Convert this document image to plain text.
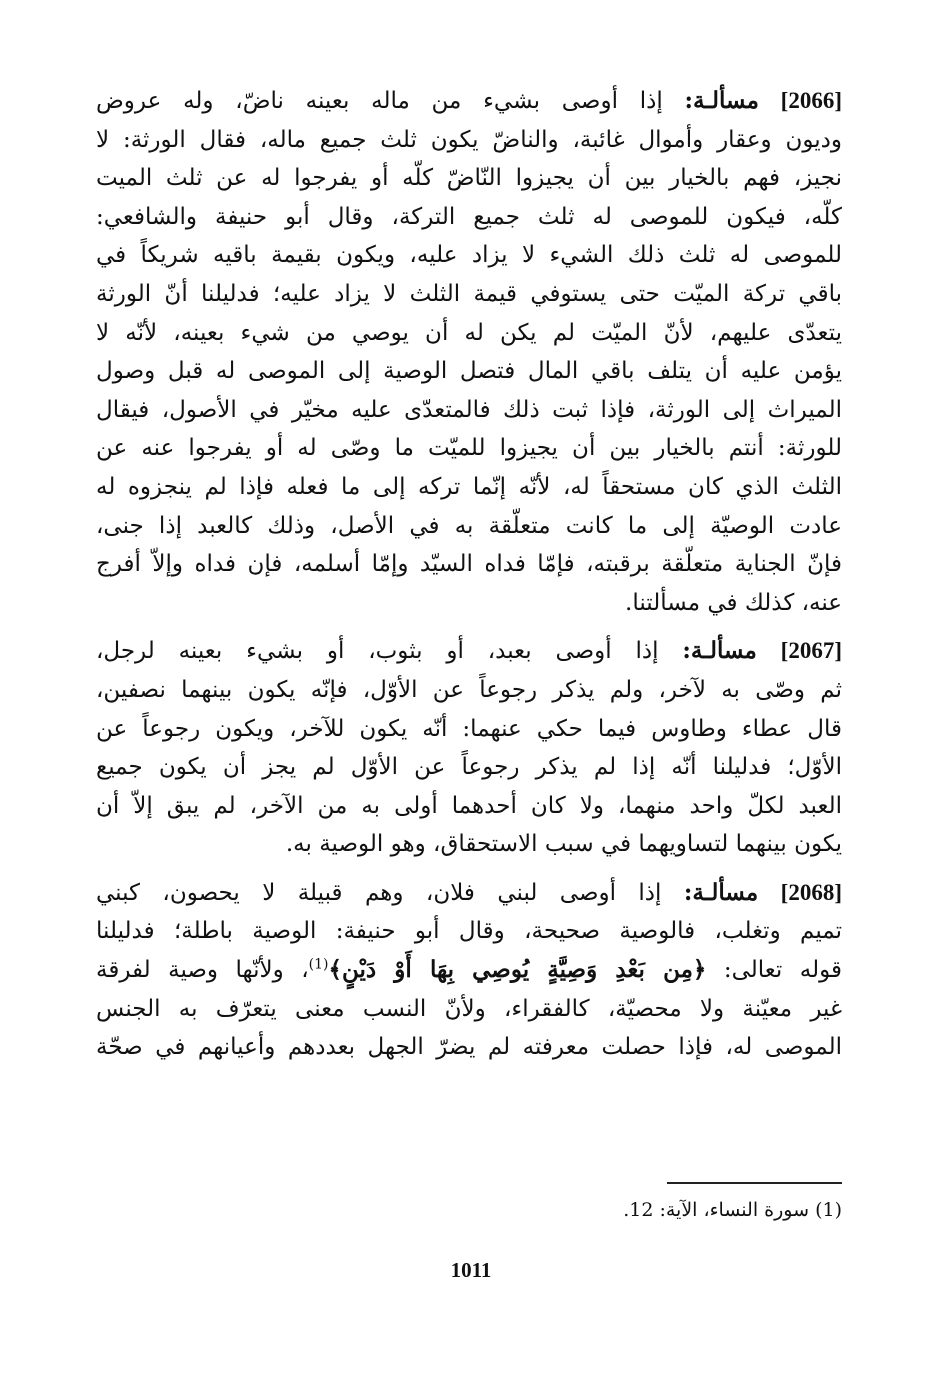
[2066] مسألـة: إذا أوصى بشيء من ماله بعينه ناضّ، وله عروض
وديون وعقار وأموال غائبة، والناضّ يكون ثلث جميع ماله، فقال الورثة: لا
نجيز، فهم بالخيار بين أن يجيزوا النّاضّ كلّه أو يفرجوا له عن ثلث الميت
كلّه، فيكون للموصى له ثلث جميع التركة، وقال أبو حنيفة والشافعي:
للموصى له ثلث ذلك الشيء لا يزاد عليه، ويكون بقيمة باقيه شريكاً في
باقي تركة الميّت حتى يستوفي قيمة الثلث لا يزاد عليه؛ فدليلنا أنّ الورثة
يتعدّى عليهم، لأنّ الميّت لم يكن له أن يوصي من شيء بعينه، لأنّه لا
يؤمن عليه أن يتلف باقي المال فتصل الوصية إلى الموصى له قبل وصول
الميراث إلى الورثة، فإذا ثبت ذلك فالمتعدّى عليه مخيّر في الأصول، فيقال
للورثة: أنتم بالخيار بين أن يجيزوا للميّت ما وصّى له أو يفرجوا عنه عن
الثلث الذي كان مستحقاً له، لأنّه إنّما تركه إلى ما فعله فإذا لم ينجزوه له
عادت الوصيّة إلى ما كانت متعلّقة به في الأصل، وذلك كالعبد إذا جنى،
فإنّ الجناية متعلّقة برقبته، فإمّا فداه السيّد وإمّا أسلمه، فإن فداه وإلاّ أفرج
عنه، كذلك في مسألتنا.

[2067] مسألـة: إذا أوصى بعبد، أو بثوب، أو بشيء بعينه لرجل،
ثم وصّى به لآخر، ولم يذكر رجوعاً عن الأوّل، فإنّه يكون بينهما نصفين،
قال عطاء وطاوس فيما حكي عنهما: أنّه يكون للآخر، ويكون رجوعاً عن
الأوّل؛ فدليلنا أنّه إذا لم يذكر رجوعاً عن الأوّل لم يجز أن يكون جميع
العبد لكلّ واحد منهما، ولا كان أحدهما أولى به من الآخر، لم يبق إلاّ أن
يكون بينهما لتساويهما في سبب الاستحقاق، وهو الوصية به.

[2068] مسألـة: إذا أوصى لبني فلان، وهم قبيلة لا يحصون، كبني
تميم وتغلب، فالوصية صحيحة، وقال أبو حنيفة: الوصية باطلة؛ فدليلنا
قوله تعالى: ﴿مِن بَعْدِ وَصِيَّةٍ يُوصِي بِهَا أَوْ دَيْنٍ﴾$^{(1)}$، ولأنّها وصية لفرقة
غير معيّنة ولا محصيّة، كالفقراء، ولأنّ النسب معنى يتعرّف به الجنس
الموصى له، فإذا حصلت معرفته لم يضرّ الجهل بعددهم وأعيانهم في صحّة

(1) سورة النساء، الآية: 12.
1011
